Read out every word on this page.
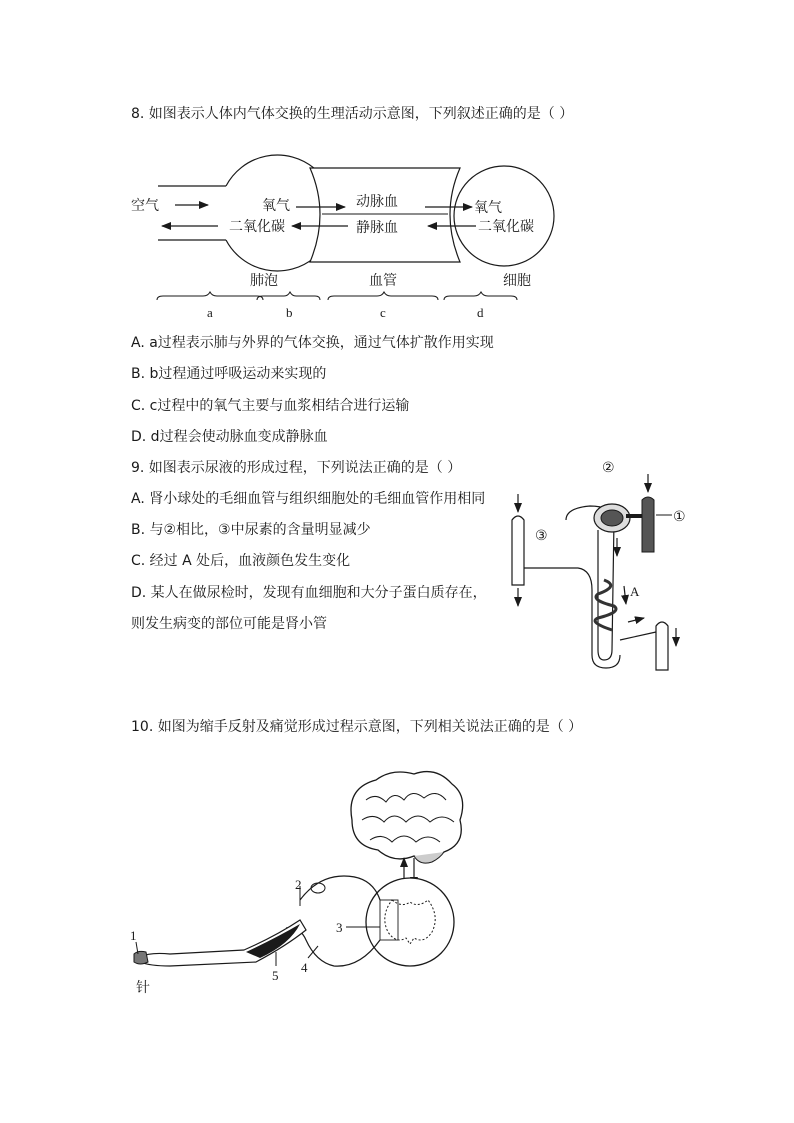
8. 如图表示人体内气体交换的生理活动示意图，下列叙述正确的是（ ）
空气	氧气
二氧化碳
动脉血
静脉血
氧气
二氧化碳
肺泡	血管	细胞
a	b	c	d
A. a过程表示肺与外界的气体交换，通过气体扩散作用实现
B. b过程通过呼吸运动来实现的
C. c过程中的氧气主要与血浆相结合进行运输
D. d过程会使动脉血变成静脉血
9. 如图表示尿液的形成过程，下列说法正确的是（ ）
A. 肾小球处的毛细血管与组织细胞处的毛细血管作用相同
B. 与②相比，③中尿素的含量明显减少
C. 经过 A 处后，血液颜色发生变化
D. 某人在做尿检时，发现有血细胞和大分子蛋白质存在，
则发生病变的部位可能是肾小管
①
②
③
A
10. 如图为缩手反射及痛觉形成过程示意图，下列相关说法正确的是（ ）
1
2
3
4
5
针
